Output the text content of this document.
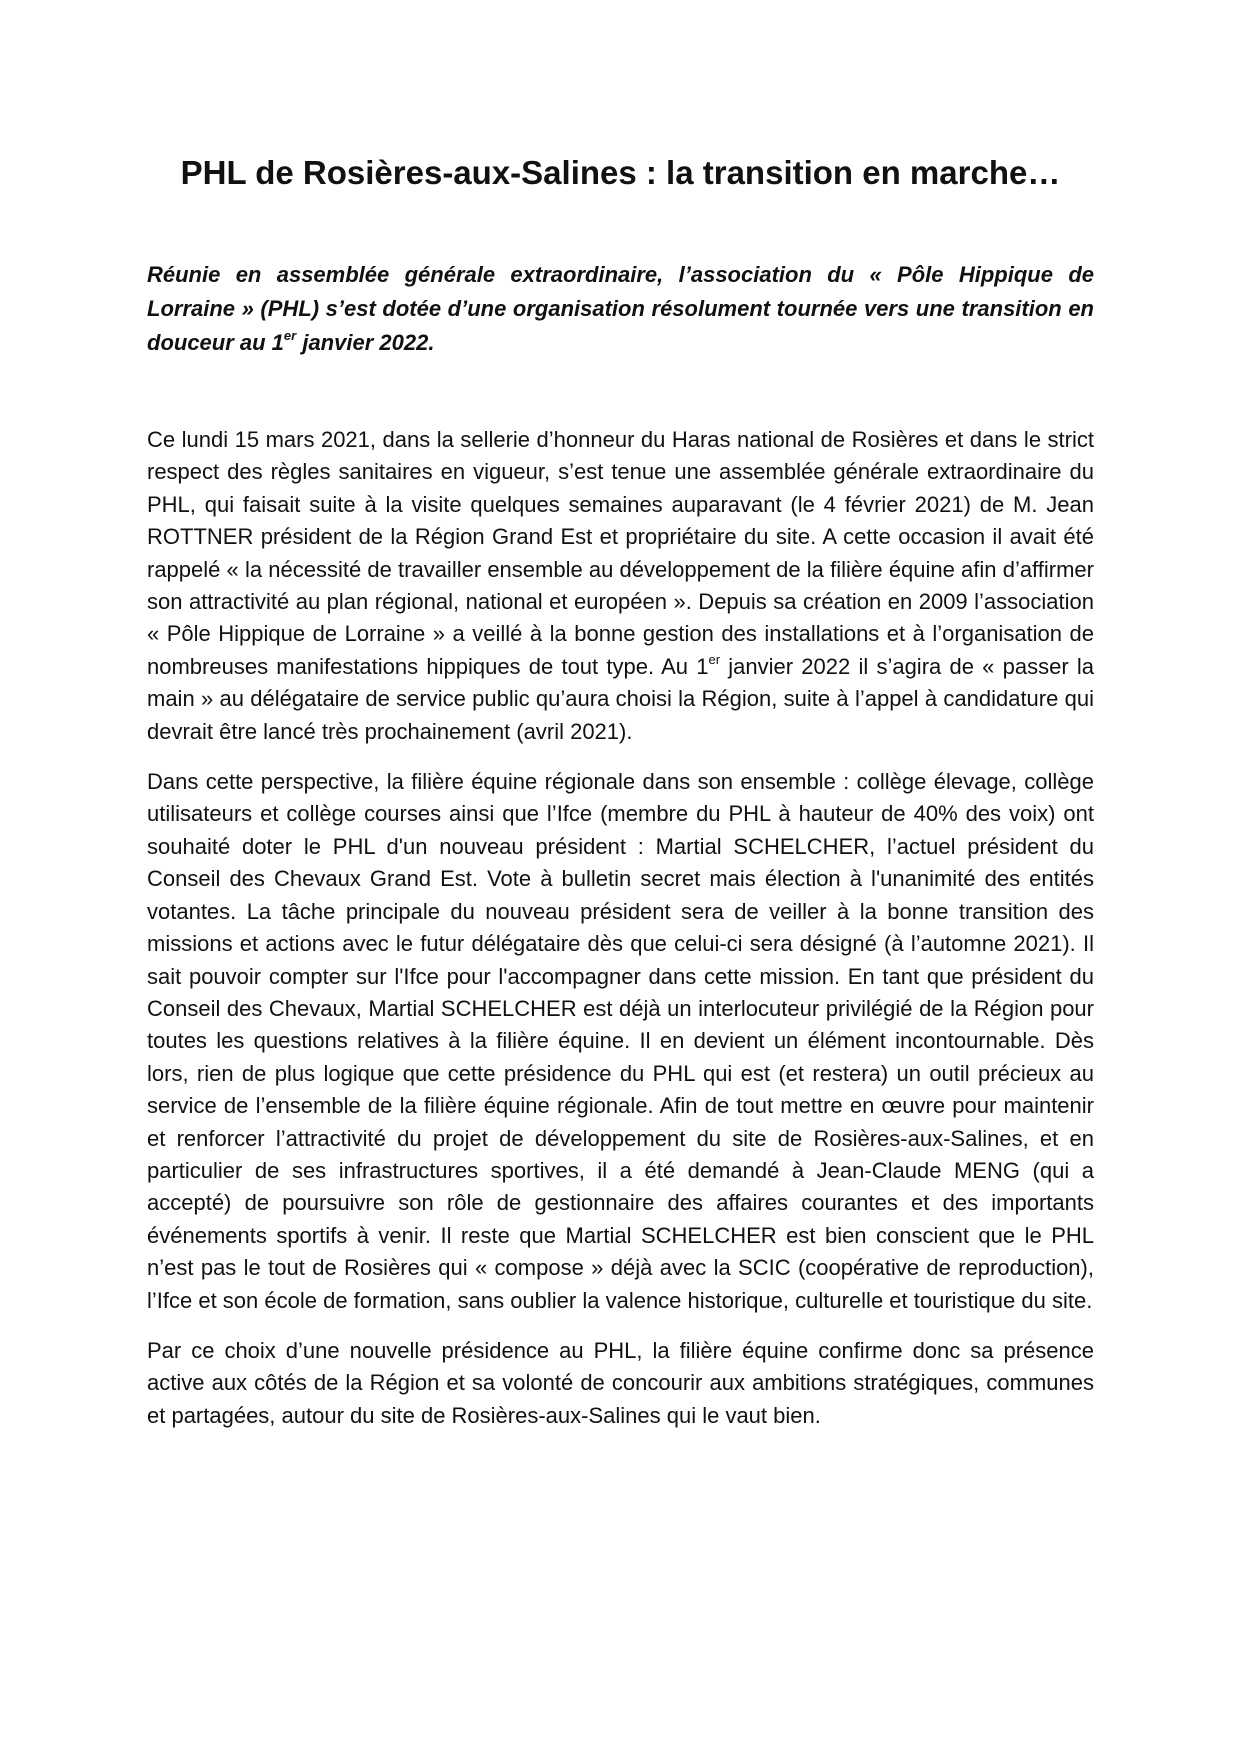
PHL de Rosières-aux-Salines : la transition en marche…

Réunie en assemblée générale extraordinaire, l’association du « Pôle Hippique de Lorraine » (PHL) s’est dotée d’une organisation résolument tournée vers une transition en douceur au 1er janvier 2022.

Ce lundi 15 mars 2021, dans la sellerie d’honneur du Haras national de Rosières et dans le strict respect des règles sanitaires en vigueur, s’est tenue une assemblée générale extraordinaire du PHL, qui faisait suite à la visite quelques semaines auparavant (le 4 février 2021) de M. Jean ROTTNER président de la Région Grand Est et propriétaire du site. A cette occasion il avait été rappelé « la nécessité de travailler ensemble au développement de la filière équine afin d’affirmer son attractivité au plan régional, national et européen ». Depuis sa création en 2009 l’association « Pôle Hippique de Lorraine » a veillé à la bonne gestion des installations et à l’organisation de nombreuses manifestations hippiques de tout type. Au 1er janvier 2022 il s’agira de « passer la main » au délégataire de service public qu’aura choisi la Région, suite à l’appel à candidature qui devrait être lancé très prochainement (avril 2021).

Dans cette perspective, la filière équine régionale dans son ensemble : collège élevage, collège utilisateurs et collège courses ainsi que l’Ifce (membre du PHL à hauteur de 40% des voix) ont souhaité doter le PHL d'un nouveau président : Martial SCHELCHER, l’actuel président du Conseil des Chevaux Grand Est. Vote à bulletin secret mais élection à l'unanimité des entités votantes. La tâche principale du nouveau président sera de veiller à la bonne transition des missions et actions avec le futur délégataire dès que celui-ci sera désigné (à l’automne 2021). Il sait pouvoir compter sur l'Ifce pour l'accompagner dans cette mission. En tant que président du Conseil des Chevaux, Martial SCHELCHER est déjà un interlocuteur privilégié de la Région pour toutes les questions relatives à la filière équine. Il en devient un élément incontournable. Dès lors, rien de plus logique que cette présidence du PHL qui est (et restera) un outil précieux au service de l’ensemble de la filière équine régionale. Afin de tout mettre en œuvre pour maintenir et renforcer l’attractivité du projet de développement du site de Rosières-aux-Salines, et en particulier de ses infrastructures sportives, il a été demandé à Jean-Claude MENG (qui a accepté) de poursuivre son rôle de gestionnaire des affaires courantes et des importants événements sportifs à venir. Il reste que Martial SCHELCHER est bien conscient que le PHL n’est pas le tout de Rosières qui « compose » déjà avec la SCIC (coopérative de reproduction), l’Ifce et son école de formation, sans oublier la valence historique, culturelle et touristique du site.

Par ce choix d’une nouvelle présidence au PHL, la filière équine confirme donc sa présence active aux côtés de la Région et sa volonté de concourir aux ambitions stratégiques, communes et partagées, autour du site de Rosières-aux-Salines qui le vaut bien.
